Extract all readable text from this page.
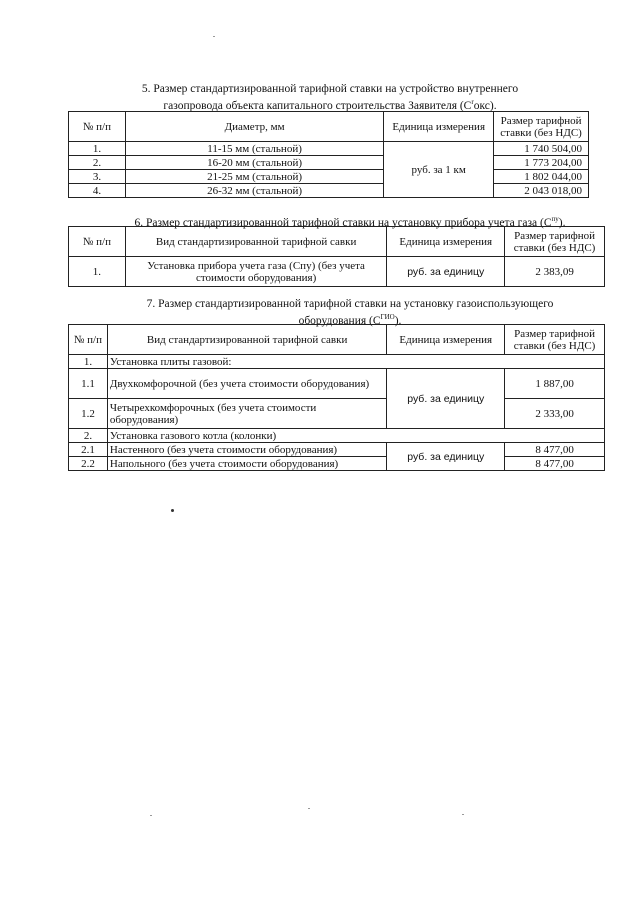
5. Размер стандартизированной тарифной ставки на устройство внутреннего
газопровода объекта капитального строительства Заявителя $(C^rокс)$.
№ п/п	Диаметр, мм	Единица измерения	Размер тарифной ставки (без НДС)
1.	11-15 мм (стальной)	руб. за 1 км	1 740 504,00
2.	16-20 мм (стальной)		1 773 204,00
3.	21-25 мм (стальной)		1 802 044,00
4.	26-32 мм (стальной)		2 043 018,00
6. Размер стандартизированной тарифной ставки на установку прибора учета газа $(C^{пу})$.
№ п/п	Вид стандартизированной тарифной савки	Единица измерения	Размер тарифной ставки (без НДС)
1.	Установка прибора учета газа (Спу) (без учета стоимости оборудования)	руб. за единицу	2 383,09
7. Размер стандартизированной тарифной ставки на установку газоиспользующего
оборудования $(C^{ГИО})$.
№ п/п	Вид стандартизированной тарифной савки	Единица измерения	Размер тарифной ставки (без НДС)
1.	Установка плиты газовой:		
1.1	Двухкомфорочной (без учета стоимости оборудования)	руб. за единицу	1 887,00
1.2	Четырехкомфорочных (без учета стоимости оборудования)		2 333,00
2.	Установка газового котла (колонки)		
2.1	Настенного (без учета стоимости оборудования)	руб. за единицу	8 477,00
2.2	Напольного (без учета стоимости оборудования)		8 477,00
